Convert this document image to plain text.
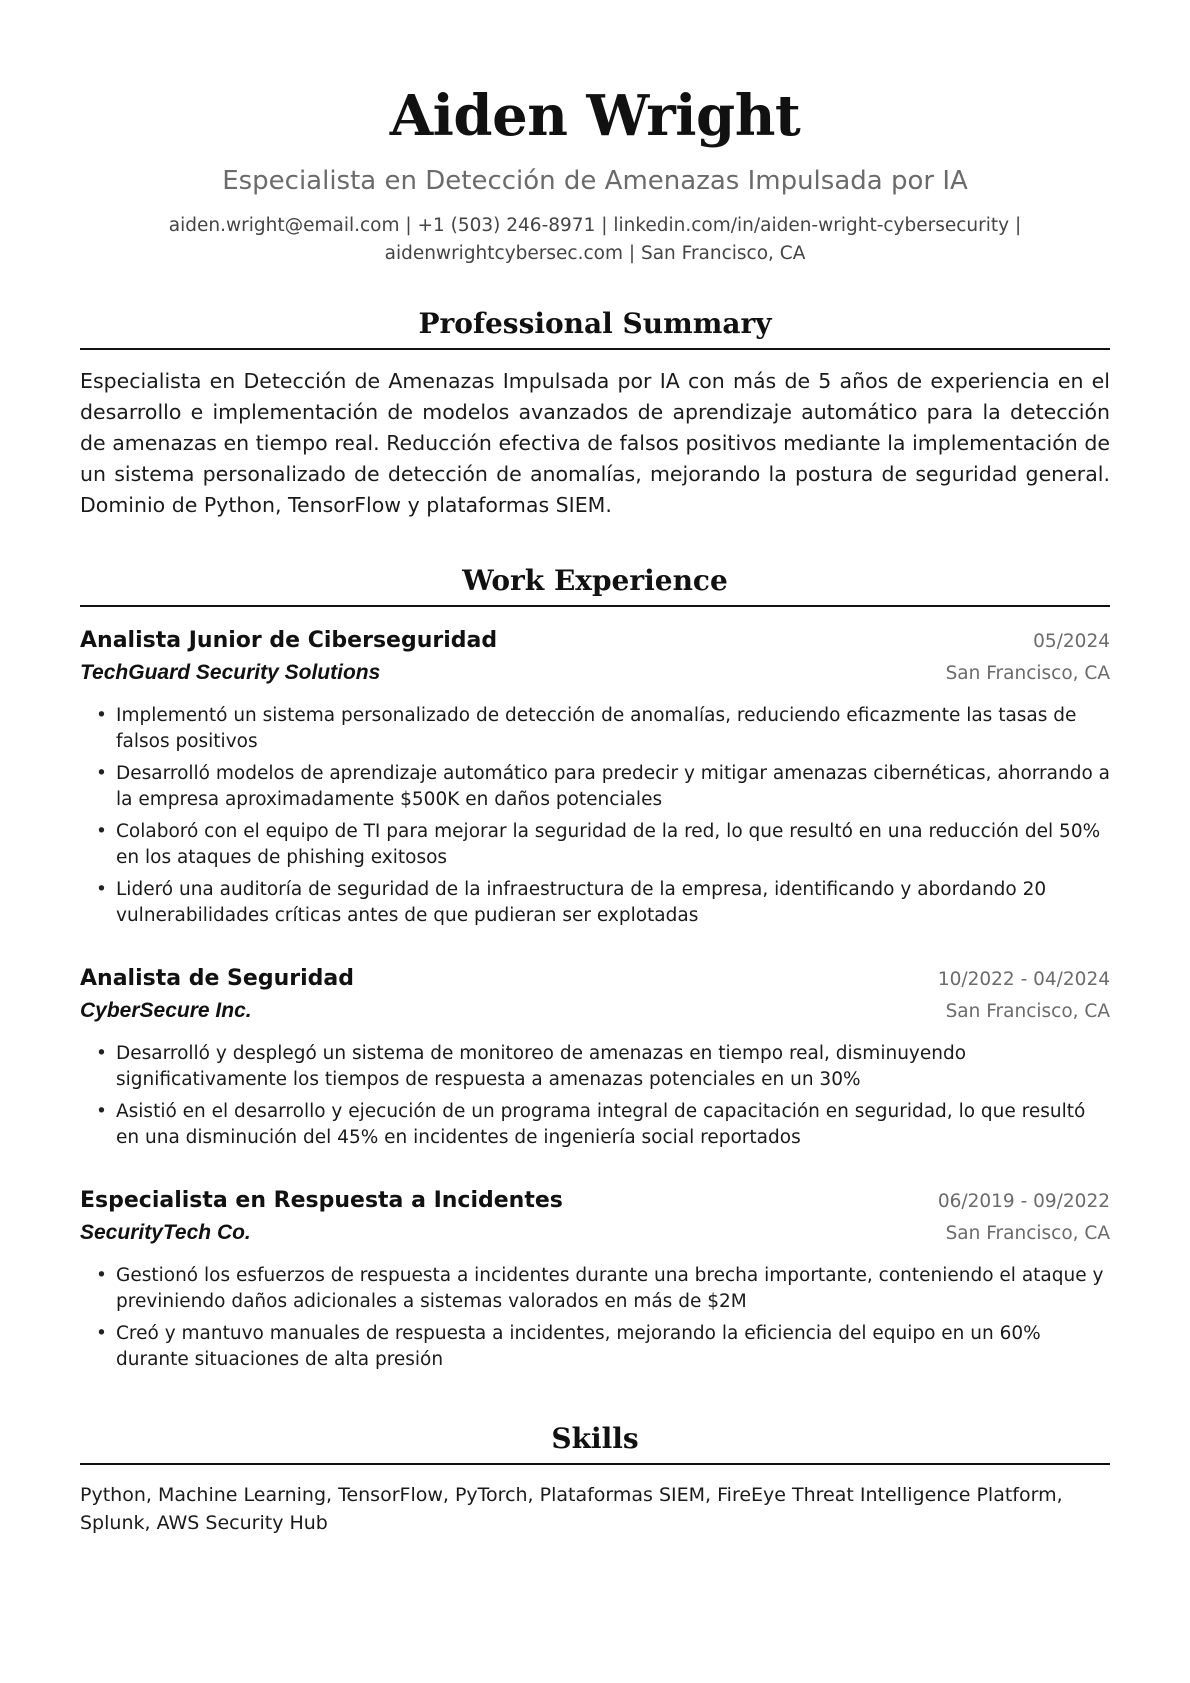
Aiden Wright
Especialista en Detección de Amenazas Impulsada por IA
aiden.wright@email.com | +1 (503) 246-8971 | linkedin.com/in/aiden-wright-cybersecurity |
aidenwrightcybersec.com | San Francisco, CA
Professional Summary
Especialista en Detección de Amenazas Impulsada por IA con más de 5 años de experiencia en el desarrollo e implementación de modelos avanzados de aprendizaje automático para la detección de amenazas en tiempo real. Reducción efectiva de falsos positivos mediante la implementación de un sistema personalizado de detección de anomalías, mejorando la postura de seguridad general. Dominio de Python, TensorFlow y plataformas SIEM.
Work Experience
Analista Junior de Ciberseguridad	05/2024
TechGuard Security Solutions	San Francisco, CA
• Implementó un sistema personalizado de detección de anomalías, reduciendo eficazmente las tasas de falsos positivos
• Desarrolló modelos de aprendizaje automático para predecir y mitigar amenazas cibernéticas, ahorrando a la empresa aproximadamente $500K en daños potenciales
• Colaboró con el equipo de TI para mejorar la seguridad de la red, lo que resultó en una reducción del 50% en los ataques de phishing exitosos
• Lideró una auditoría de seguridad de la infraestructura de la empresa, identificando y abordando 20 vulnerabilidades críticas antes de que pudieran ser explotadas
Analista de Seguridad	10/2022 - 04/2024
CyberSecure Inc.	San Francisco, CA
• Desarrolló y desplegó un sistema de monitoreo de amenazas en tiempo real, disminuyendo significativamente los tiempos de respuesta a amenazas potenciales en un 30%
• Asistió en el desarrollo y ejecución de un programa integral de capacitación en seguridad, lo que resultó en una disminución del 45% en incidentes de ingeniería social reportados
Especialista en Respuesta a Incidentes	06/2019 - 09/2022
SecurityTech Co.	San Francisco, CA
• Gestionó los esfuerzos de respuesta a incidentes durante una brecha importante, conteniendo el ataque y previniendo daños adicionales a sistemas valorados en más de $2M
• Creó y mantuvo manuales de respuesta a incidentes, mejorando la eficiencia del equipo en un 60% durante situaciones de alta presión
Skills
Python, Machine Learning, TensorFlow, PyTorch, Plataformas SIEM, FireEye Threat Intelligence Platform, Splunk, AWS Security Hub
